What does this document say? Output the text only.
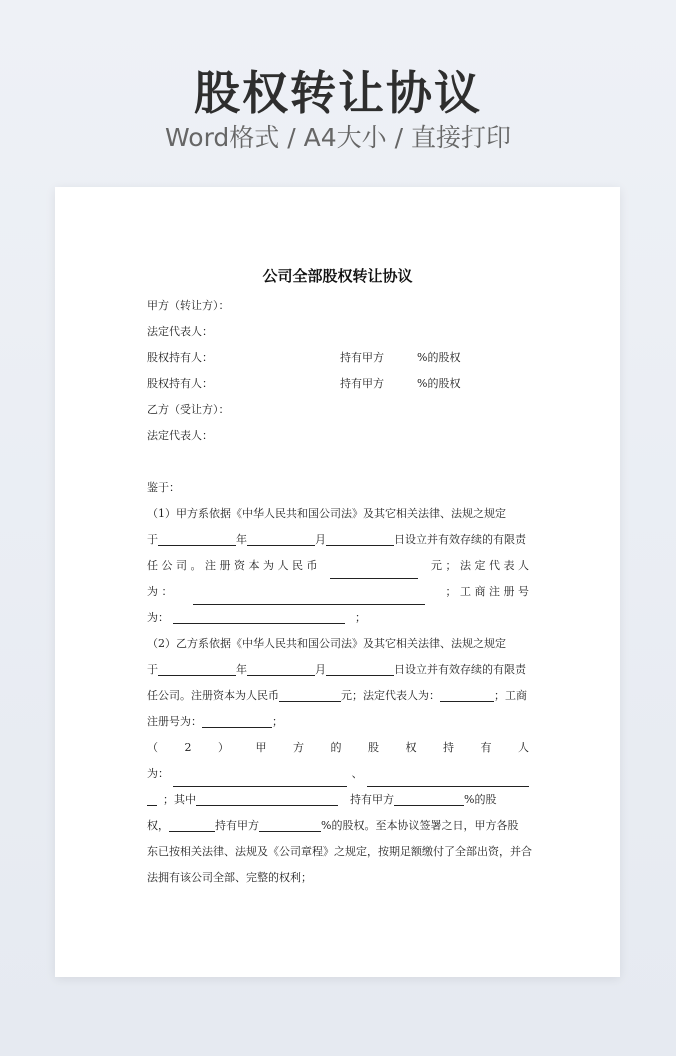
股权转让协议
Word格式 / A4大小 / 直接打印
公司全部股权转让协议
甲方（转让方）：
法定代表人：
股权持有人：	持有甲方	%的股权
股权持有人：	持有甲方	%的股权
乙方（受让方）：
法定代表人：
鉴于：
（1）甲方系依据《中华人民共和国公司法》及其它相关法律、法规之规定
于	年	月	日设立并有效存续的有限责
任 公 司 。 注 册 资 本 为 人 民 币	元 ； 法 定 代 表 人
为 ：	； 工 商 注 册 号
为：	；
（2）乙方系依据《中华人民共和国公司法》及其它相关法律、法规之规定
于	年	月	日设立并有效存续的有限责
任公司。注册资本为人民币	元；法定代表人为：	；工商
注册号为：	；
（ 2 ） 甲 方 的 股 权 持 有 人
为：	、
；其中	持有甲方	%的股
权，	持有甲方	%的股权。至本协议签署之日，甲方各股
东已按相关法律、法规及《公司章程》之规定，按期足额缴付了全部出资，并合
法拥有该公司全部、完整的权利；
